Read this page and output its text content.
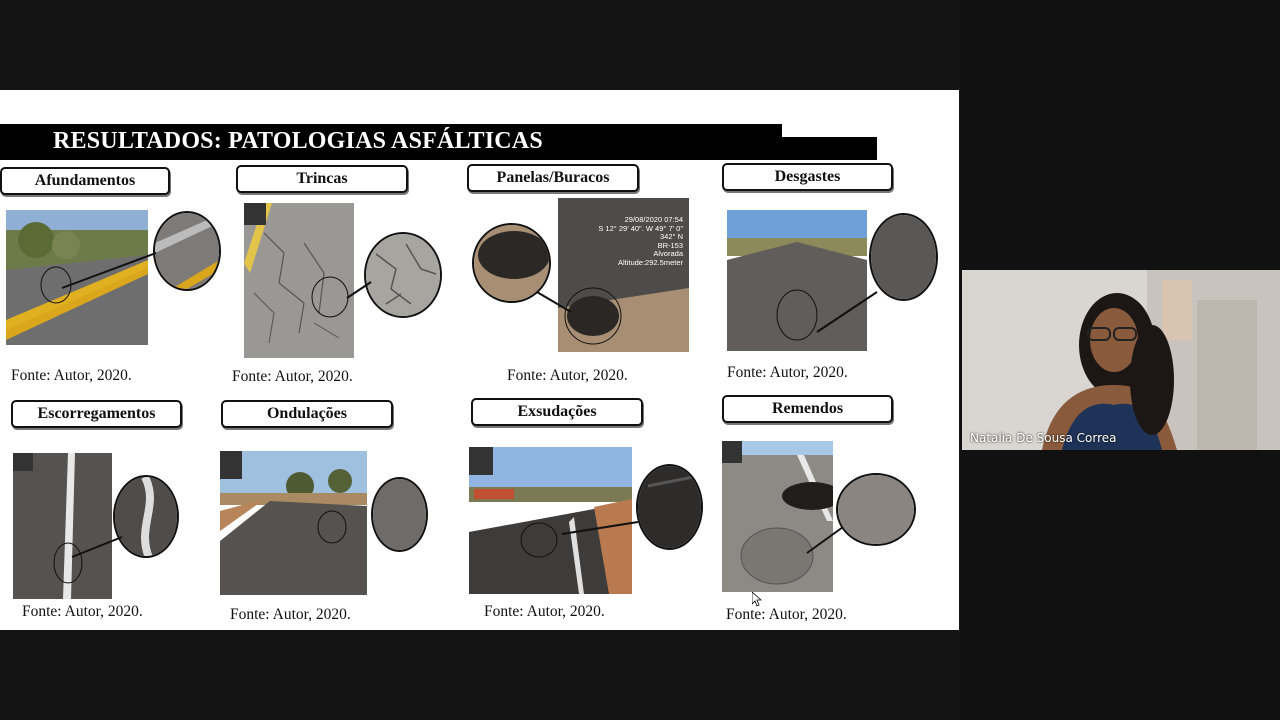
RESULTADOS: PATOLOGIAS ASFÁLTICAS
Afundamentos	Trincas	Panelas/Buracos	Desgastes
29/08/2020 07:54
S 12° 29' 40". W 49° 7' 0"
342° N
BR-153
Alvorada
Altitude:292.5meter
Fonte: Autor, 2020.	Fonte: Autor, 2020.	Fonte: Autor, 2020.	Fonte: Autor, 2020.
Escorregamentos	Ondulações	Exsudações	Remendos
Fonte: Autor, 2020.	Fonte: Autor, 2020.	Fonte: Autor, 2020.	Fonte: Autor, 2020.
Natalia De Sousa Correa
